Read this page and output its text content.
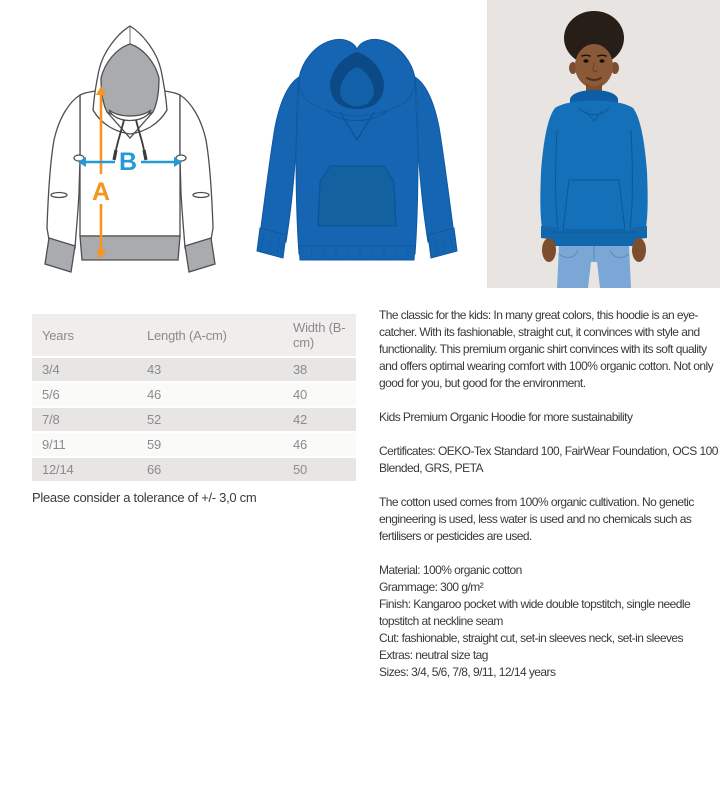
A
B
Years	Length (A-cm)	Width (B-cm)
3/4	43	38
5/6	46	40
7/8	52	42
9/11	59	46
12/14	66	50
Please consider a tolerance of +/- 3,0 cm

The classic for the kids: In many great colors, this hoodie is an eye-catcher. With its fashionable, straight cut, it convinces with style and functionality. This premium organic shirt convinces with its soft quality and offers optimal wearing comfort with 100% organic cotton. Not only good for you, but good for the environment.

Kids Premium Organic Hoodie for more sustainability

Certificates: OEKO-Tex Standard 100, FairWear Foundation, OCS 100 Blended, GRS, PETA

The cotton used comes from 100% organic cultivation. No genetic engineering is used, less water is used and no chemicals such as fertilisers or pesticides are used.

Material: 100% organic cotton

Grammage: 300 g/m²

Finish: Kangaroo pocket with wide double topstitch, single needle topstitch at neckline seam

Cut: fashionable, straight cut, set-in sleeves neck, set-in sleeves

Extras: neutral size tag

Sizes: 3/4, 5/6, 7/8, 9/11, 12/14 years
